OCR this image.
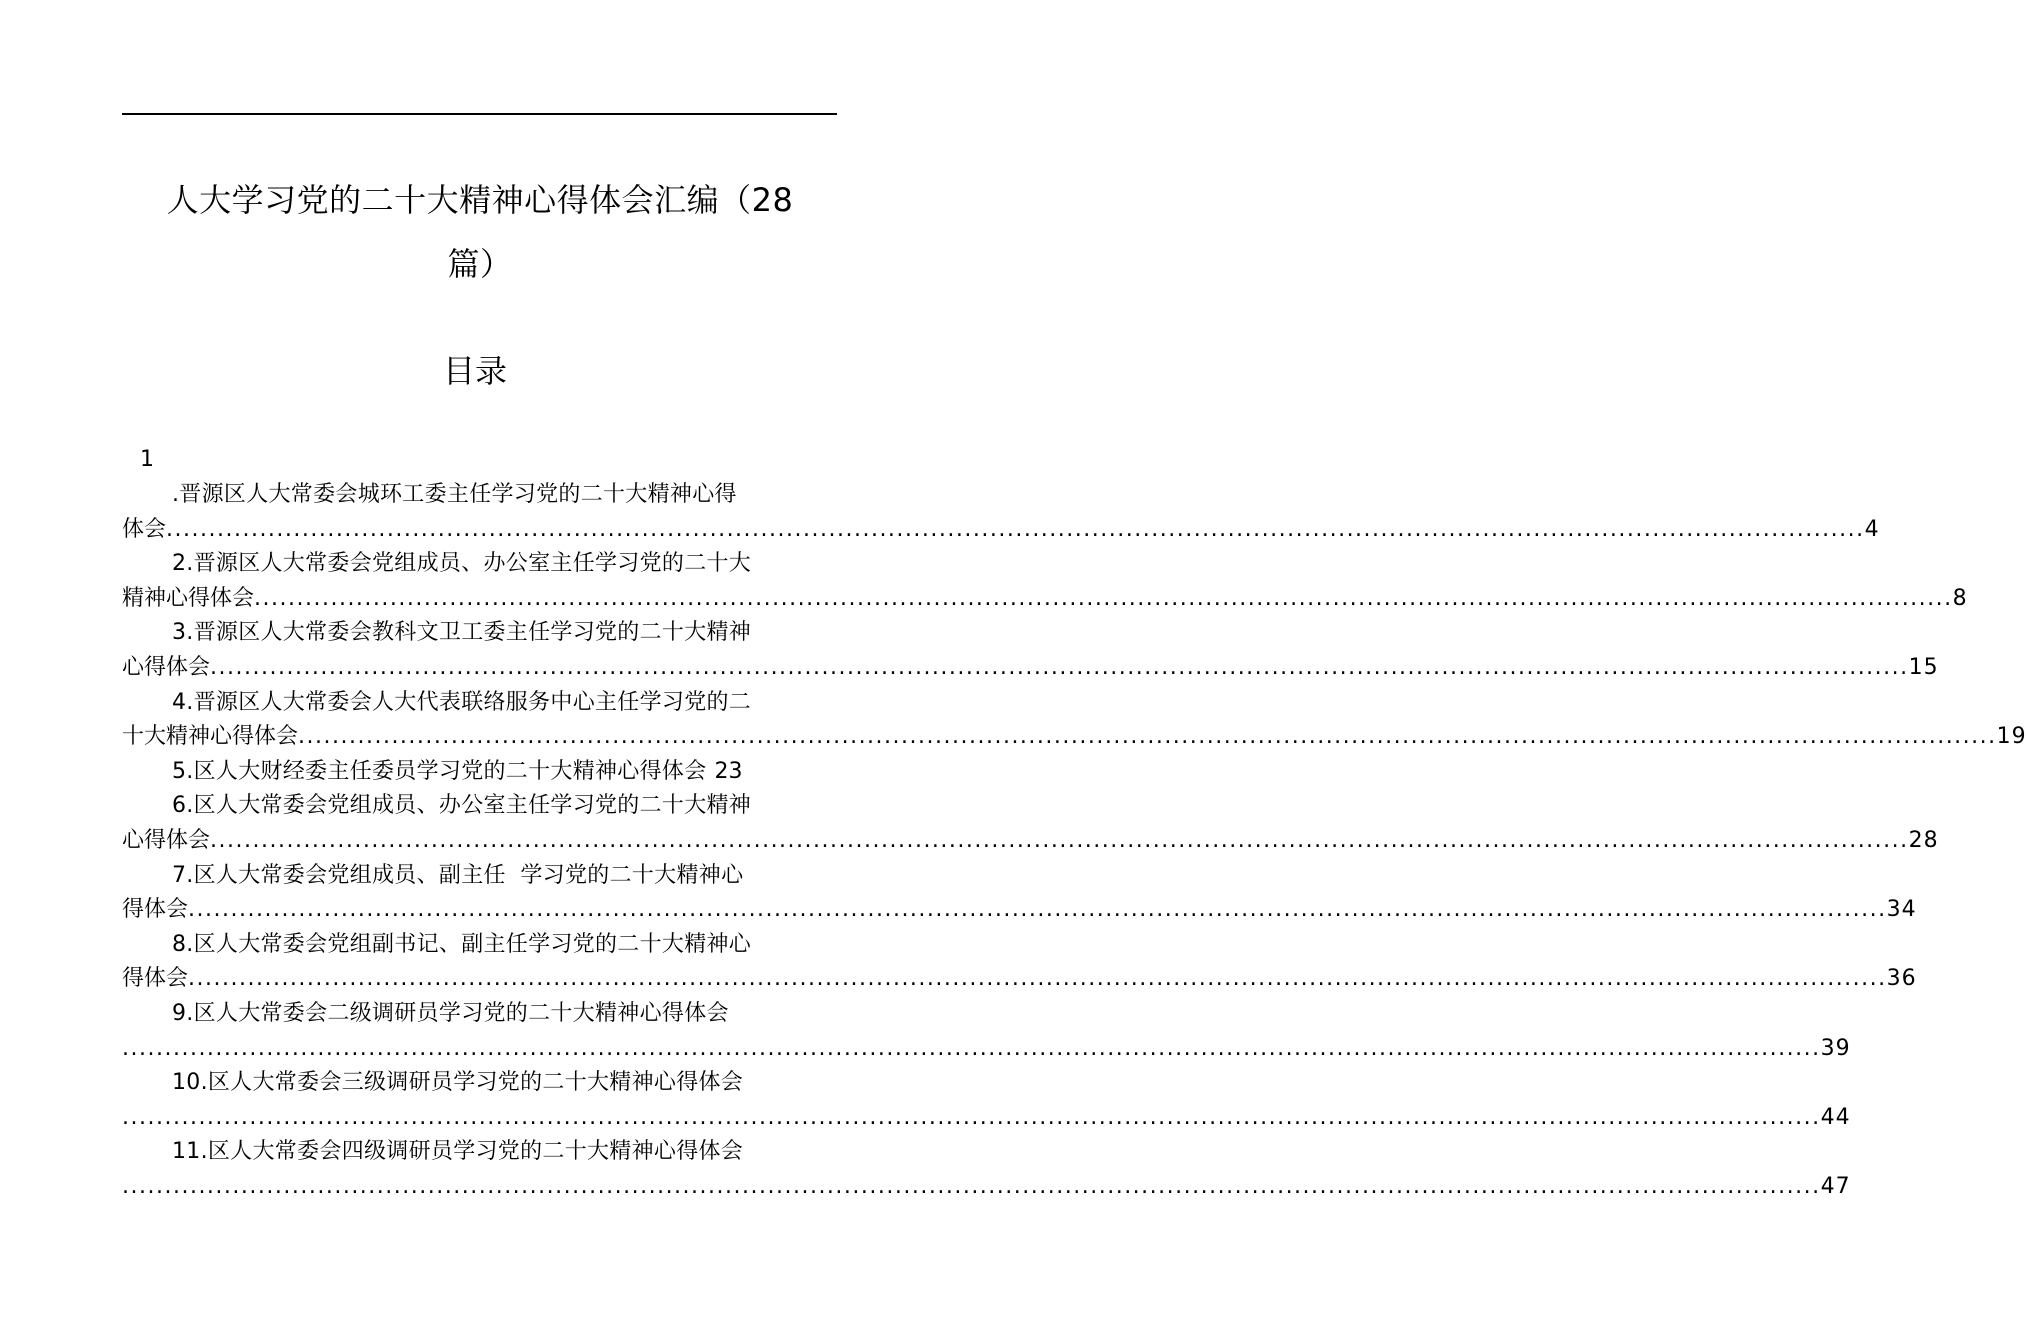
人大学习党的二十大精神心得体会汇编（28
篇）
目录
1
.晋源区人大常委会城环工委主任学习党的二十大精神心得
体会 ........................................................................................................................................................................................................ 4
2.晋源区人大常委会党组成员、办公室主任学习党的二十大
精神心得体会 ........................................................................................................................................................................................................ 8
3.晋源区人大常委会教科文卫工委主任学习党的二十大精神
心得体会 ........................................................................................................................................................................................................ 15
4.晋源区人大常委会人大代表联络服务中心主任学习党的二
十大精神心得体会 ........................................................................................................................................................................................................ 19
5.区人大财经委主任委员学习党的二十大精神心得体会 23
6.区人大常委会党组成员、办公室主任学习党的二十大精神
心得体会 ........................................................................................................................................................................................................ 28
7.区人大常委会党组成员、副主任  学习党的二十大精神心
得体会 ........................................................................................................................................................................................................ 34
8.区人大常委会党组副书记、副主任学习党的二十大精神心
得体会 ........................................................................................................................................................................................................ 36
9.区人大常委会二级调研员学习党的二十大精神心得体会
........................................................................................................................................................................................................ 39
10.区人大常委会三级调研员学习党的二十大精神心得体会
........................................................................................................................................................................................................ 44
11.区人大常委会四级调研员学习党的二十大精神心得体会
........................................................................................................................................................................................................ 47
